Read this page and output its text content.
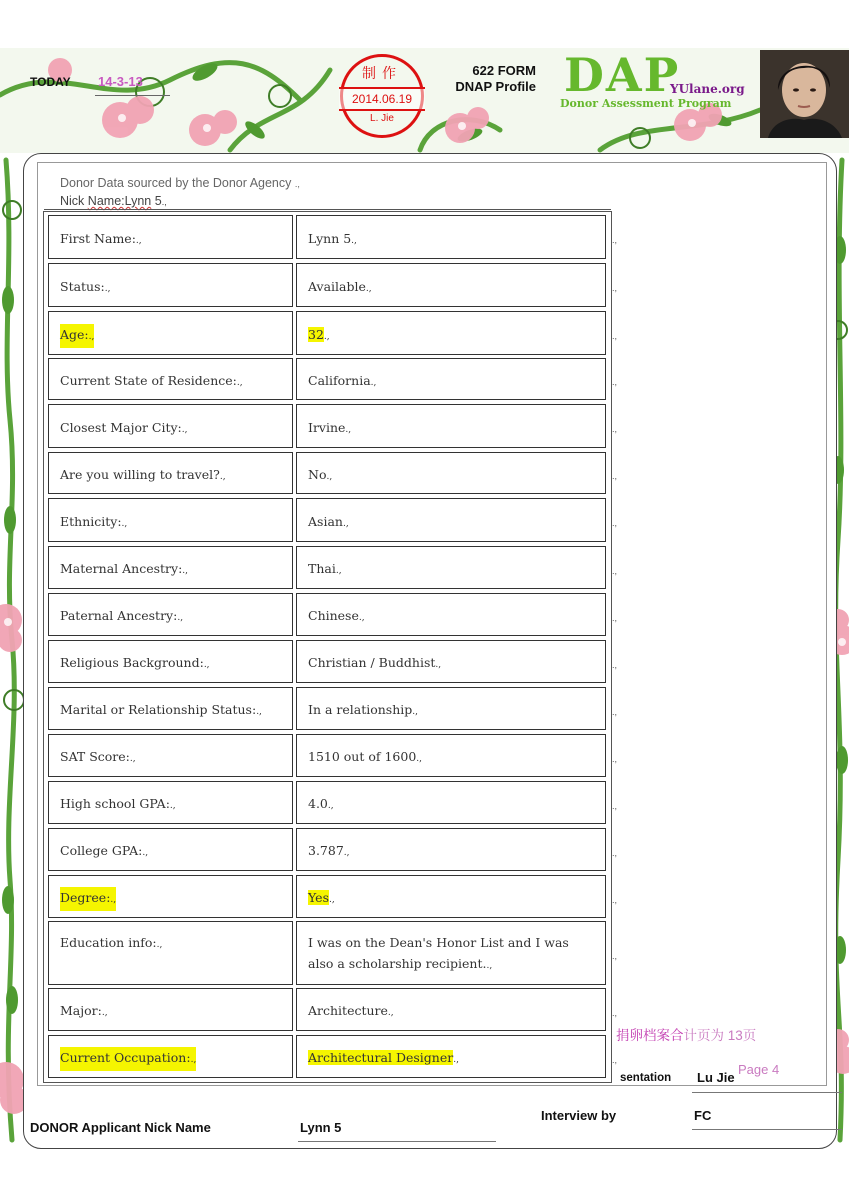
TODAY 14-3-13
制作
2014.06.19
L. Jie
622 FORM
DNAP Profile DAP
YUlane.org
Donor Assessment Program
Donor Data sourced by the Donor Agency .,
Nick Name:Lynn 5.,
First Name:.,	Lynn 5.,	.,
Status:.,	Available.,	.,
Age:.,	32.,	.,
Current State of Residence:.,	California.,	.,
Closest Major City:.,	Irvine.,	.,
Are you willing to travel?.,	No.,	.,
Ethnicity:.,	Asian.,	.,
Maternal Ancestry:.,	Thai.,	.,
Paternal Ancestry:.,	Chinese.,	.,
Religious Background:.,	Christian / Buddhist.,	.,
Marital or Relationship Status:.,	In a relationship.,	.,
SAT Score:.,	1510 out of 1600.,	.,
High school GPA:.,	4.0.,	.,
College GPA:.,	3.787.,	.,
Degree:.,	Yes.,	.,
Education info:.,	I was on the Dean's Honor List and I was also a scholarship recipient..,
.,
Major:.,	Architecture.,	.,
Current Occupation:.,	Architectural Designer.,	.,
捐卵档案合计页为 13页
sentation Lu Jie
Page 4
DONOR Applicant Nick Name	Lynn 5
Interview by	FC
